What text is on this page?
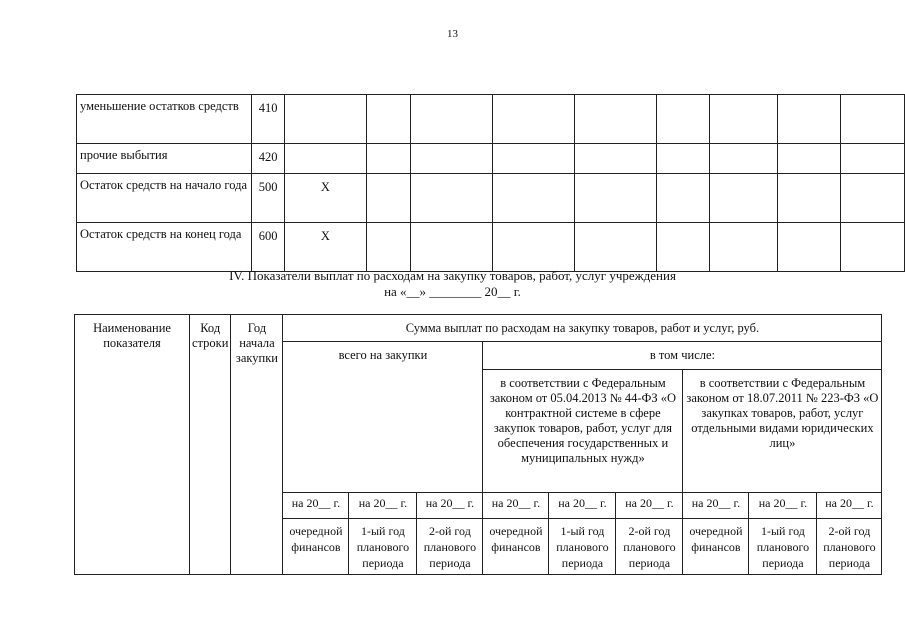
13
уменьшение остатков средств	410									
прочие выбытия	420									
Остаток средств на начало года	500	X								
Остаток средств на конец года	600	X								
IV. Показатели выплат по расходам на закупку товаров, работ, услуг учреждения
на «__» ________ 20__ г.
Наименование показателя	Код строки	Год начала закупки	Сумма выплат по расходам на закупку товаров, работ и услуг, руб.								
			всего на закупки			в том числе:					
						в соответствии с Федеральным законом от 05.04.2013 № 44-ФЗ «О контрактной системе в сфере закупок товаров, работ, услуг для обеспечения государственных и муниципальных нужд»			в соответствии с Федеральным законом от 18.07.2011 № 223-ФЗ «О закупках товаров, работ, услуг отдельными видами юридических лиц»		
			на 20__ г.	на 20__ г.	на 20__ г.	на 20__ г.	на 20__ г.	на 20__ г.	на 20__ г.	на 20__ г.	на 20__ г.
			очередной финансов	1-ый год планового периода	2-ой год планового периода	очередной финансов	1-ый год планового периода	2-ой год планового периода	очередной финансов	1-ый год планового периода	2-ой год планового периода
